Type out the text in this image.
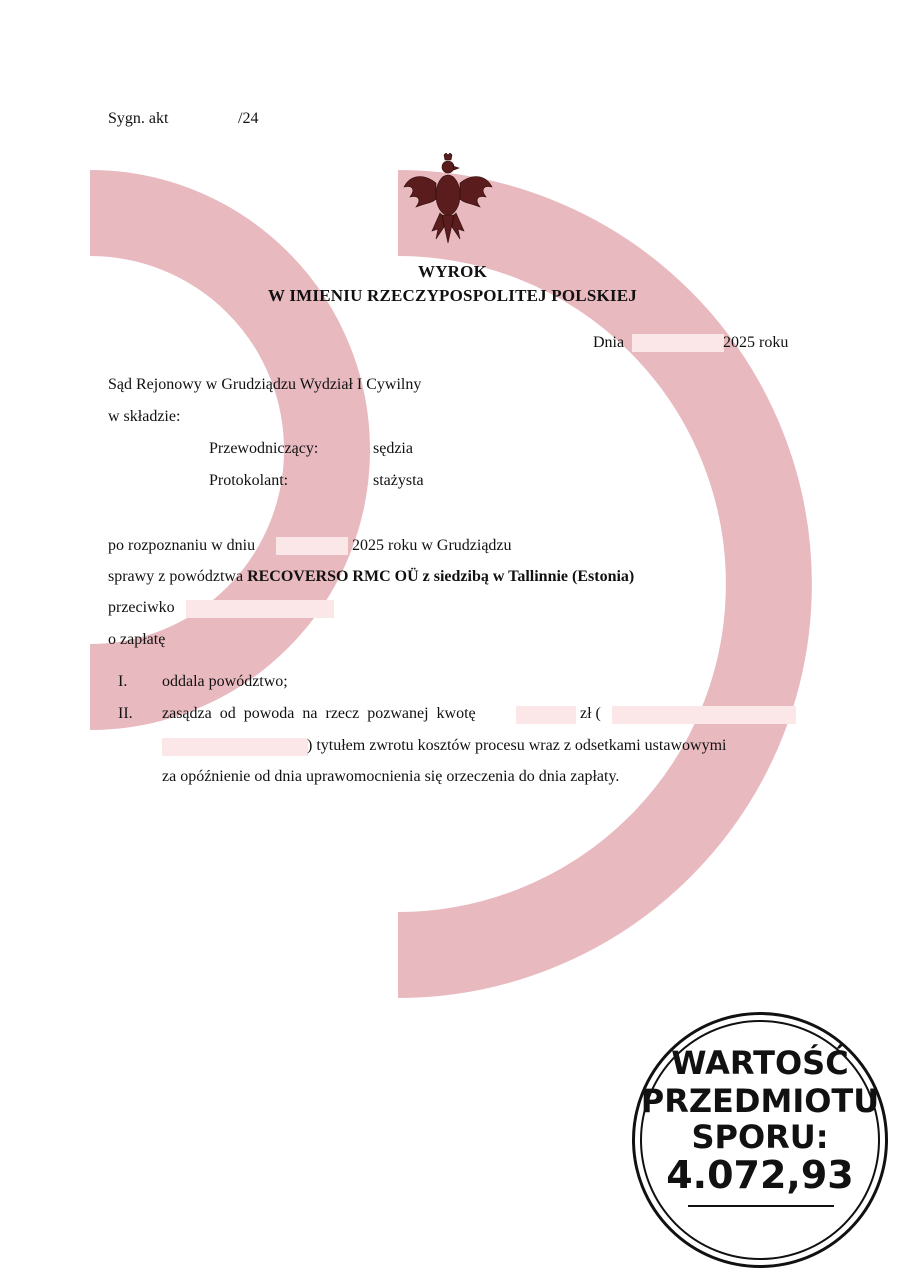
Sygn. akt	/24
WYROK
W IMIENIU RZECZYPOSPOLITEJ POLSKIEJ
Dnia	2025 roku
Sąd Rejonowy w Grudziądzu Wydział I Cywilny
w składzie:
Przewodniczący:	sędzia
Protokolant:	stażysta
po rozpoznaniu w dniu	2025 roku w Grudziądzu
sprawy z powództwa RECOVERSO RMC OÜ z siedzibą w Tallinnie (Estonia)
przeciwko
o zapłatę
I. oddala powództwo;
II. zasądza od powoda na rzecz pozwanej kwotę	zł (
) tytułem zwrotu kosztów procesu wraz z odsetkami ustawowymi
za opóźnienie od dnia uprawomocnienia się orzeczenia do dnia zapłaty.
WARTOŚĆ
PRZEDMIOTU
SPORU:
4.072,93
